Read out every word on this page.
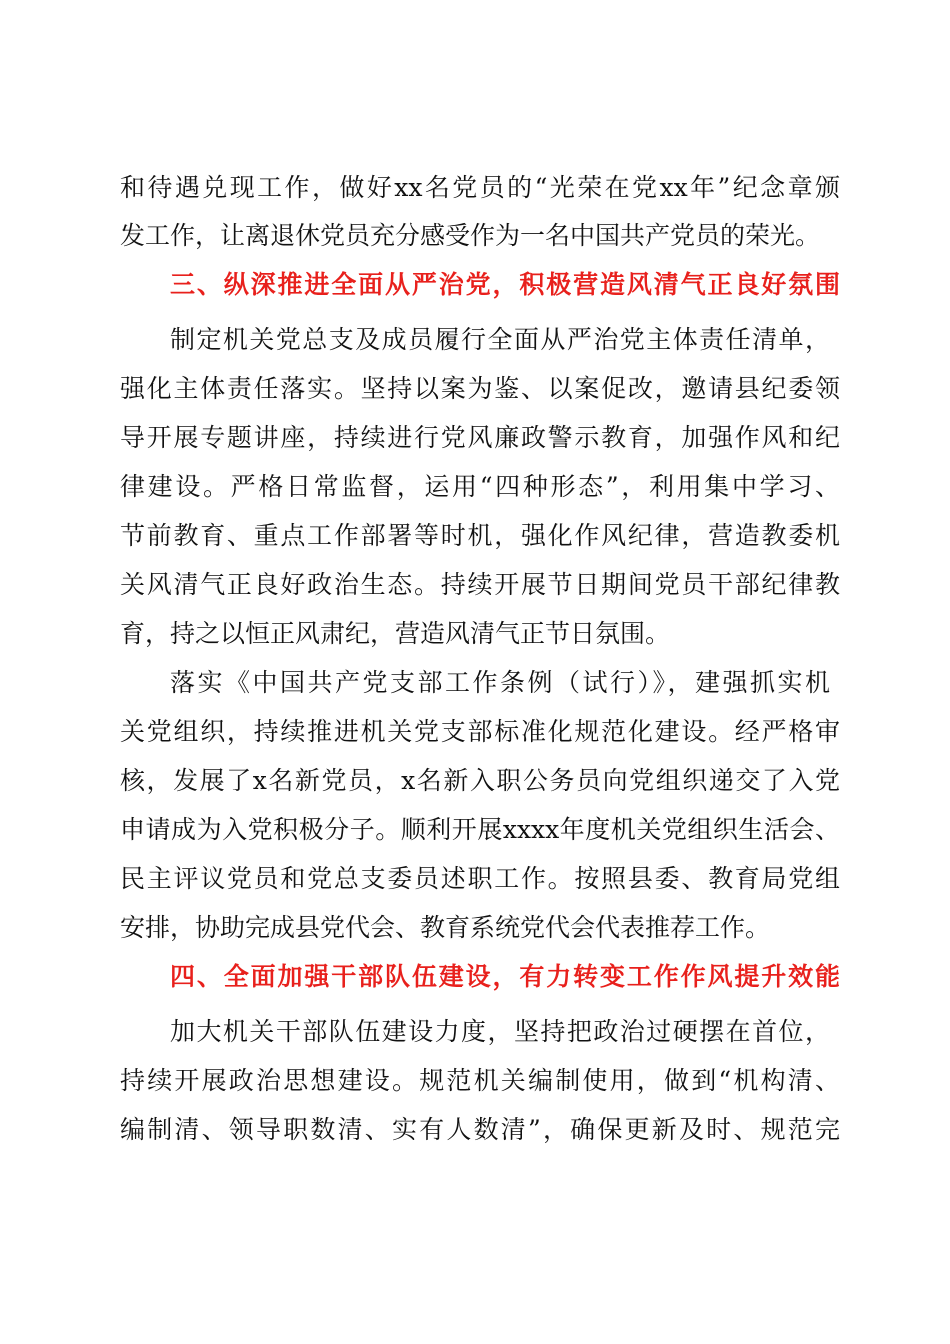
和待遇兑现工作，做好xx名党员的“光荣在党xx年”纪念章颁
发工作，让离退休党员充分感受作为一名中国共产党员的荣光。
三、纵深推进全面从严治党，积极营造风清气正良好氛围
制定机关党总支及成员履行全面从严治党主体责任清单，
强化主体责任落实。坚持以案为鉴、以案促改，邀请县纪委领
导开展专题讲座，持续进行党风廉政警示教育，加强作风和纪
律建设。严格日常监督，运用“四种形态”，利用集中学习、
节前教育、重点工作部署等时机，强化作风纪律，营造教委机
关风清气正良好政治生态。持续开展节日期间党员干部纪律教
育，持之以恒正风肃纪，营造风清气正节日氛围。
落实《中国共产党支部工作条例（试行）》，建强抓实机
关党组织，持续推进机关党支部标准化规范化建设。经严格审
核，发展了x名新党员，x名新入职公务员向党组织递交了入党
申请成为入党积极分子。顺利开展xxxx年度机关党组织生活会、
民主评议党员和党总支委员述职工作。按照县委、教育局党组
安排，协助完成县党代会、教育系统党代会代表推荐工作。
四、全面加强干部队伍建设，有力转变工作作风提升效能
加大机关干部队伍建设力度，坚持把政治过硬摆在首位，
持续开展政治思想建设。规范机关编制使用，做到“机构清、
编制清、领导职数清、实有人数清”，确保更新及时、规范完
